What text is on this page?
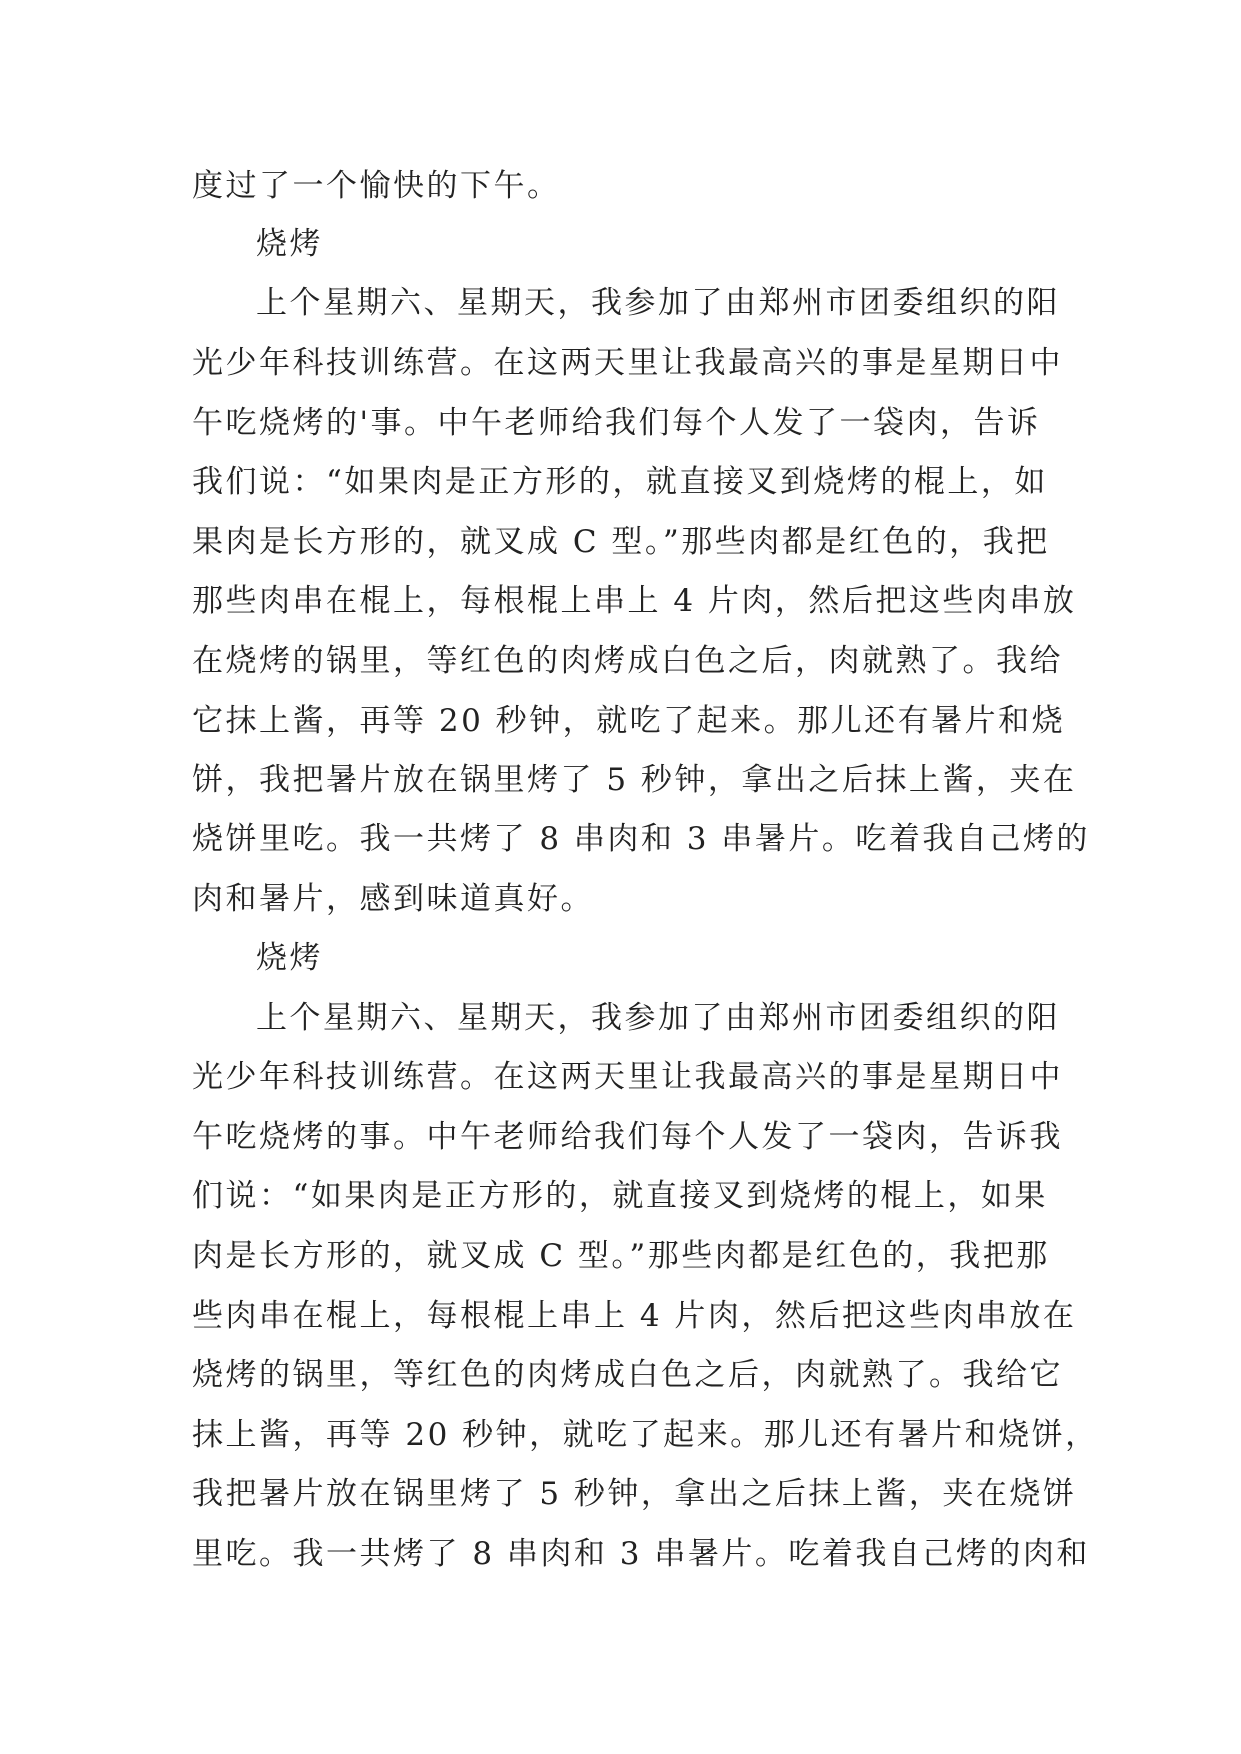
度过了一个愉快的下午。
烧烤
上个星期六、星期天，我参加了由郑州市团委组织的阳
光少年科技训练营。在这两天里让我最高兴的事是星期日中
午吃烧烤的'事。中午老师给我们每个人发了一袋肉，告诉
我们说：“如果肉是正方形的，就直接叉到烧烤的棍上，如
果肉是长方形的，就叉成 C 型。”那些肉都是红色的，我把
那些肉串在棍上，每根棍上串上 4 片肉，然后把这些肉串放
在烧烤的锅里，等红色的肉烤成白色之后，肉就熟了。我给
它抹上酱，再等 20 秒钟，就吃了起来。那儿还有暑片和烧
饼，我把暑片放在锅里烤了 5 秒钟，拿出之后抹上酱，夹在
烧饼里吃。我一共烤了 8 串肉和 3 串暑片。吃着我自己烤的
肉和暑片，感到味道真好。
烧烤
上个星期六、星期天，我参加了由郑州市团委组织的阳
光少年科技训练营。在这两天里让我最高兴的事是星期日中
午吃烧烤的事。中午老师给我们每个人发了一袋肉，告诉我
们说：“如果肉是正方形的，就直接叉到烧烤的棍上，如果
肉是长方形的，就叉成 C 型。”那些肉都是红色的，我把那
些肉串在棍上，每根棍上串上 4 片肉，然后把这些肉串放在
烧烤的锅里，等红色的肉烤成白色之后，肉就熟了。我给它
抹上酱，再等 20 秒钟，就吃了起来。那儿还有暑片和烧饼，
我把暑片放在锅里烤了 5 秒钟，拿出之后抹上酱，夹在烧饼
里吃。我一共烤了 8 串肉和 3 串暑片。吃着我自己烤的肉和
